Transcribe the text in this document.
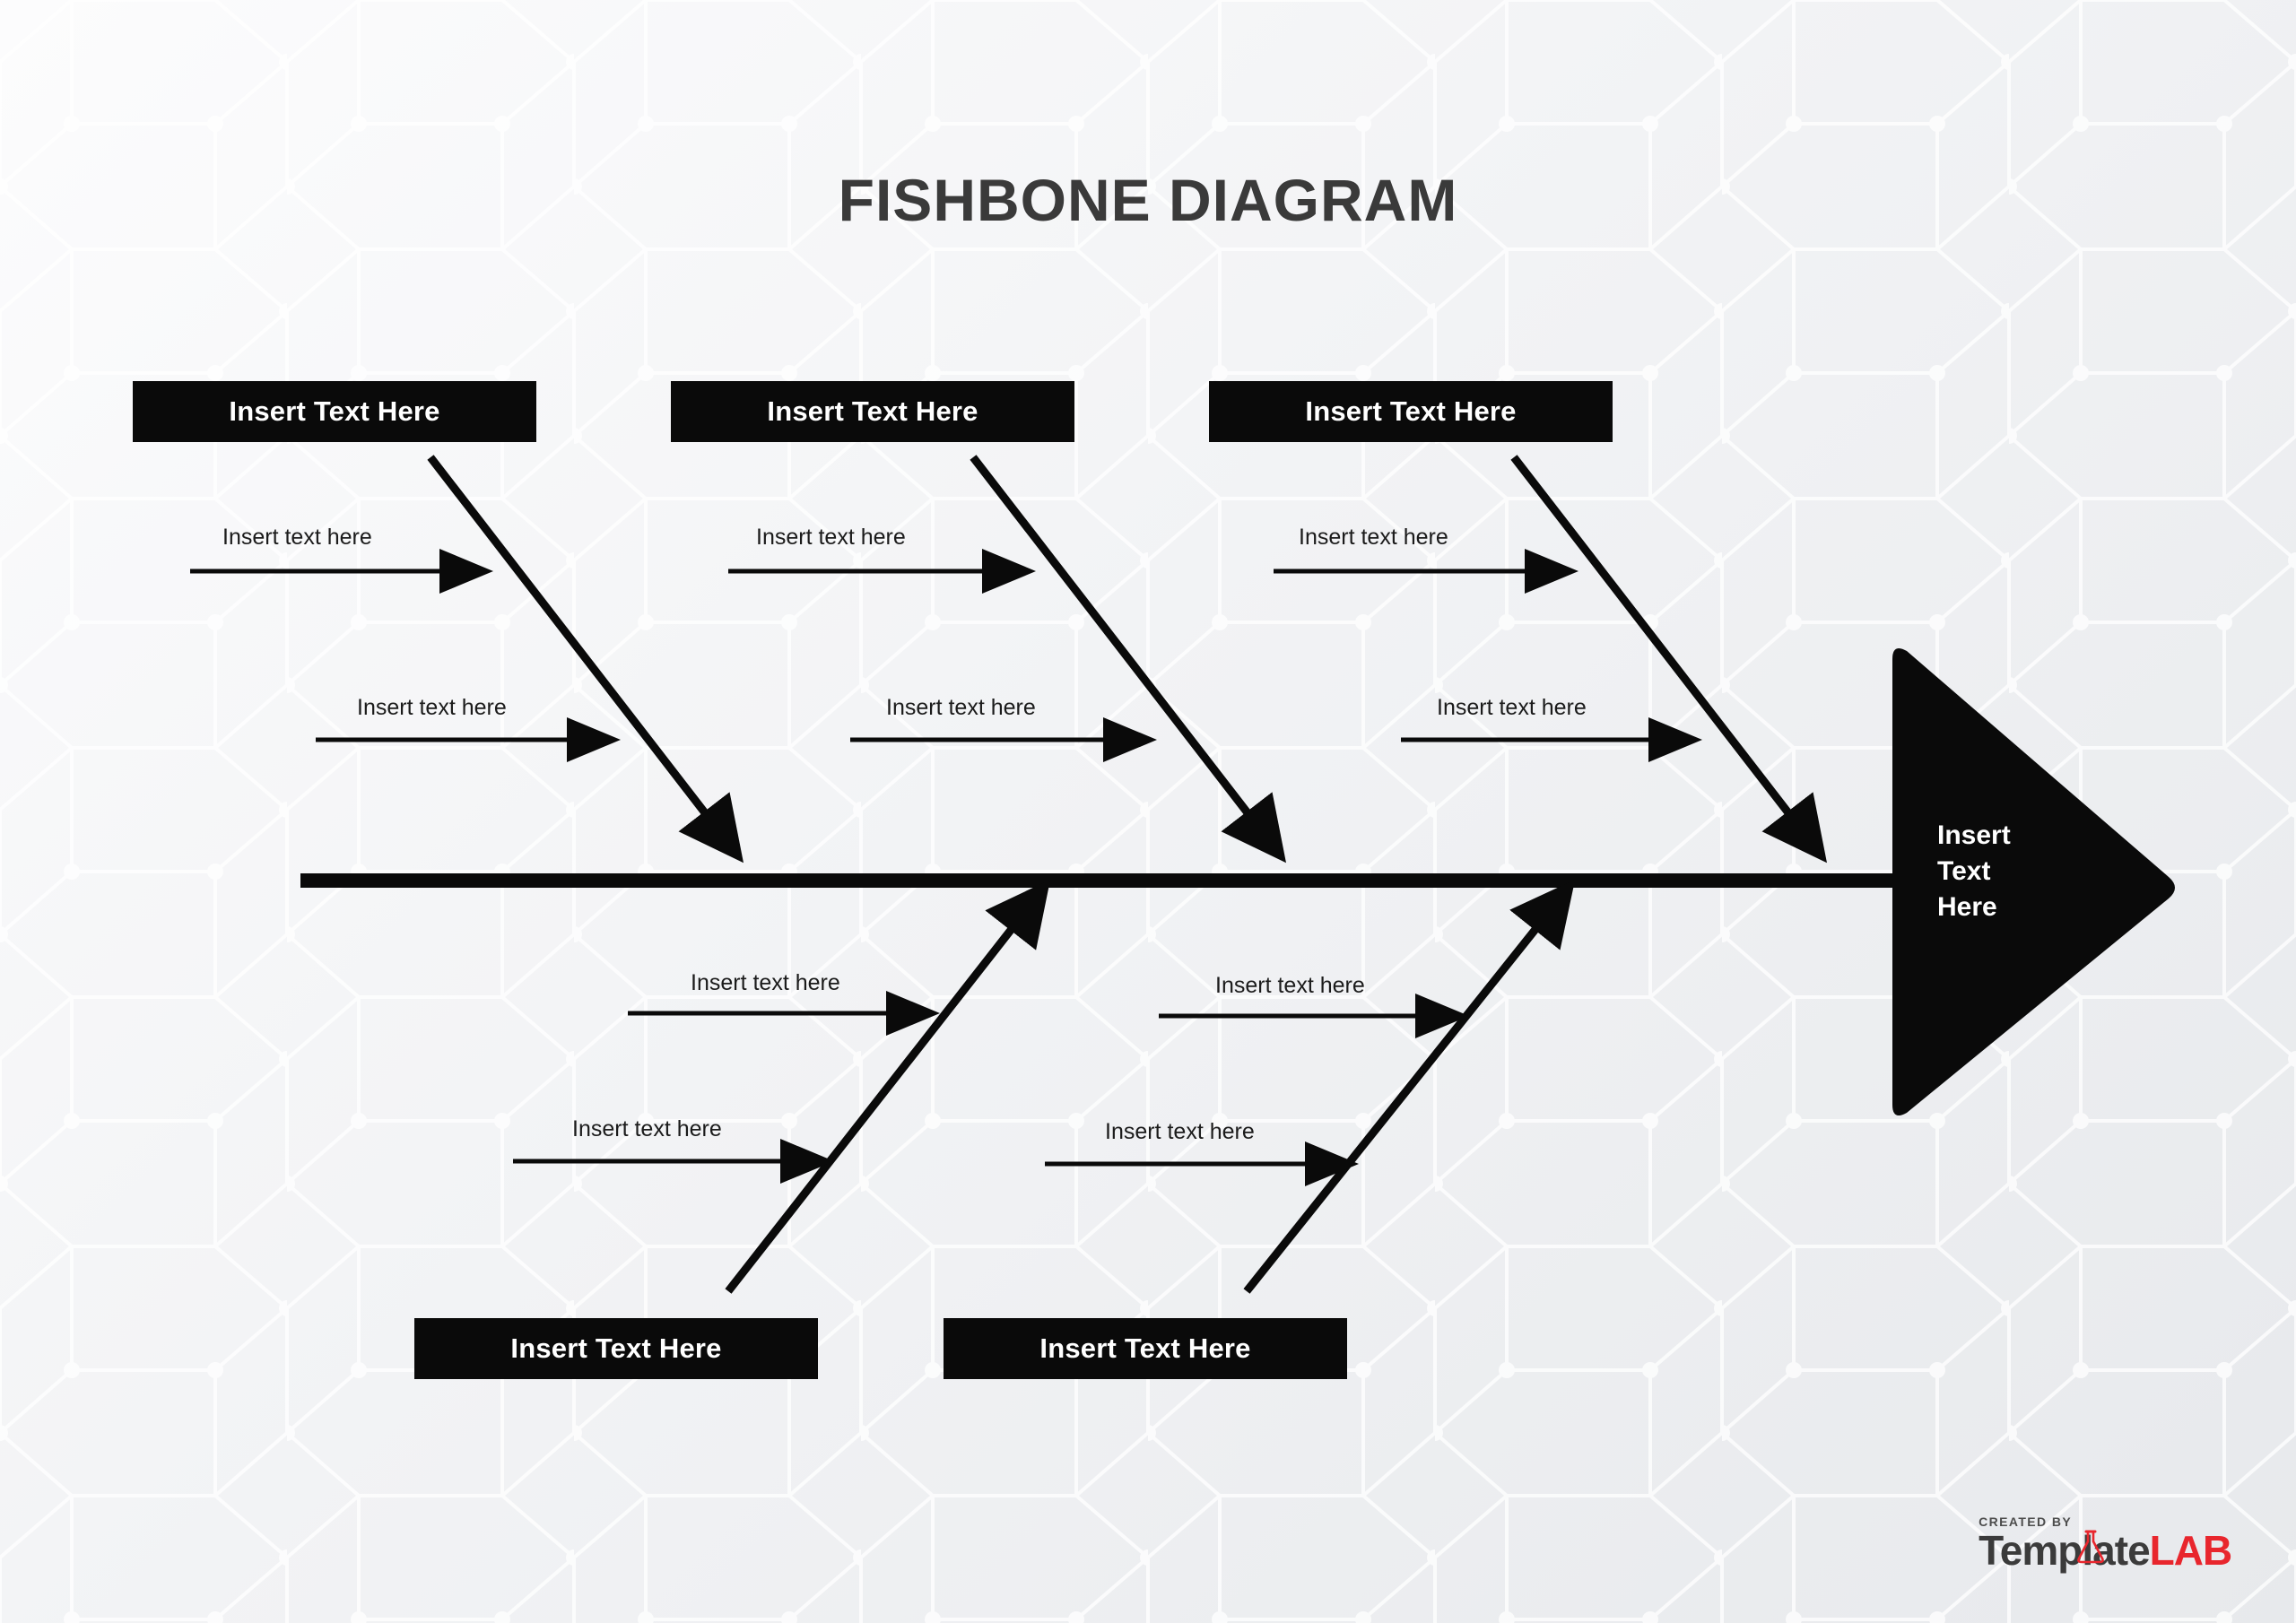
FISHBONE DIAGRAM
Insert Text Here	Insert Text Here	Insert Text Here
Insert Text Here	Insert Text Here
Insert text here	Insert text here	Insert text here
Insert text here	Insert text here	Insert text here
Insert text here	Insert text here
Insert text here	Insert text here
Insert
Text
Here
CREATED BY
TemplateLAB
